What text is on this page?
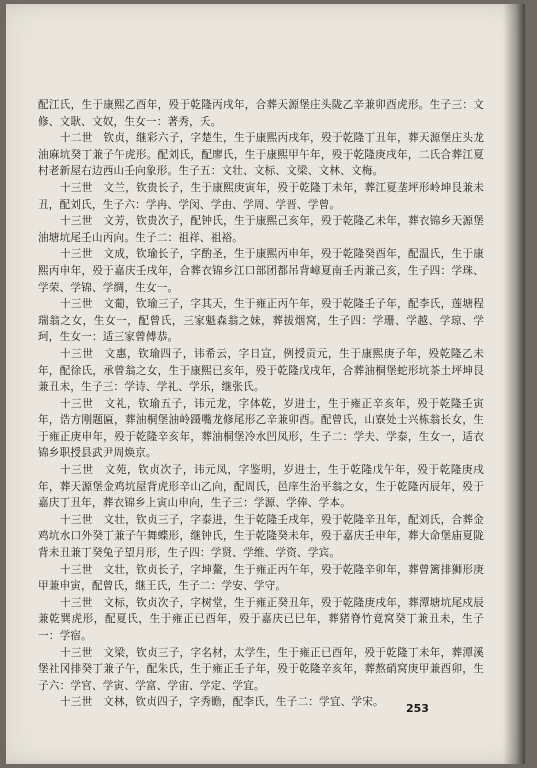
配江氏，生于康熙乙酉年，殁于乾隆丙戌年，合葬天源堡庄头陇乙辛兼卯酉虎形。生子三：文修、文耿、文奴，生女一：著秀，夭。

十二世　钦贞，继彩六子，字楚生，生于康熙丙戌年，殁于乾隆丁丑年，葬天源堡庄头龙油麻坑癸丁兼子午虎形。配刘氏，配廖氏，生于康熙甲午年，殁于乾隆庚戌年，二氏合葬江夏村老新屋右边西山壬向象形。生子五：文壮、文标、文梁、文林、文梅。

十三世　文兰，钦贵长子，生于康熙庚寅年，殁于乾隆丁未年，葬江夏垄坪形岭坤艮兼未丑，配刘氏，生子六：学冉、学闵、学由、学周、学晋、学曾。

十三世　文芳，钦贵次子，配钟氏，生于康熙己亥年，殁于乾隆乙未年，葬衣锦乡天源堡油塘坑尾壬山丙向。生子二：祖祥、祖裕。

十三世　文成，钦瑜长子，字酌圣，生于康熙丙申年，殁于乾隆癸酉年，配温氏，生于康熙丙申年，殁于嘉庆壬戌年，合葬衣锦乡江口部团都吊背嶂夏南壬丙兼己亥，生子四：学珠、学荣、学锦、学绸，生女一。

十三世　文葡，钦瑜三子，字其天，生于雍正丙午年，殁于乾隆壬子年，配李氏，莲塘程瑞翁之女，生女一，配曾氏，三家魁森翁之妹，葬拔烟窝，生子四：学珊、学越、学琼、学珂，生女一：适三家曾傅恭。

十三世　文惠，钦瑜四子，讳希云，字日宣，例授贡元，生于康熙庚子年，殁乾隆乙未年，配徐氏，承曾翁之女，生于康熙已亥年，殁于乾隆戊戌年，合葬油桐堡蛇形坑茶土坪坤艮兼丑未，生子三：学诗、学礼、学乐，继张氏。

十三世　文礼，钦瑜五子，讳元龙，字体乾，岁进士，生于雍正辛亥年，殁于乾隆壬寅年，诰方刚题匾，葬油桐堡油岭蹑嘴龙修尾形乙辛兼卯酉。配曾氏，山寮处士兴栋翁长女，生于雍正庚申年，殁于乾隆辛亥年，葬油桐堡冷水凹凤形，生子二：学夫、学泰，生女一，适衣锦乡职授县武尹周焕京。

十三世　文苑，钦贞次子，讳元凤，字鉴明，岁进士，生于乾隆戊午年，殁于乾隆庚戌年，葬天源堡金鸡坑屋背虎形辛山乙向，配周氏，邑庠生治平翁之女，生于乾隆丙辰年，殁于嘉庆丁丑年，葬衣锦乡上寅山申向，生子三：学源、学俸、学本。

十三世　文壮，钦贞三子，字泰进，生于乾隆壬戌年，殁于乾隆辛丑年，配刘氏，合葬金鸡坑水口外癸丁兼子午舞蝶形，继钟氏，生于乾隆癸未年，殁于嘉庆壬申年，葬大命堡庙夏陇背未丑兼丁癸兔子望月形，生子四：学贤、学维、学资、学宾。

十三世　文壮，钦贞长子，字坤鳌，生于雍正丙午年，殁于乾隆辛卯年，葬曾篱排狮形庚甲兼申寅，配曾氏，继王氏，生子二：学安、学守。

十三世　文标，钦贞次子，字树堂，生于雍正癸丑年，殁于乾隆庚戌年，葬潭塘坑尾戍辰兼乾巽虎形，配夏氏，生于雍正已酉年，殁于嘉庆已巳年，葬猪脊竹竟窝癸丁兼丑未，生子一：学宿。

十三世　文梁，钦贞三子，字名材，太学生，生于雍正已酉年，殁于乾隆丁未年，葬潭溪堡社冈排癸丁兼子午，配朱氏，生于雍正壬子年，殁于乾隆辛亥年，葬熬硝窝庚甲兼酉卯，生子六：学官、学寅、学富、学宙、学定、学宜。

十三世　文林，钦贞四子，字秀瞻，配李氏，生子二：学宜、学宋。	253
